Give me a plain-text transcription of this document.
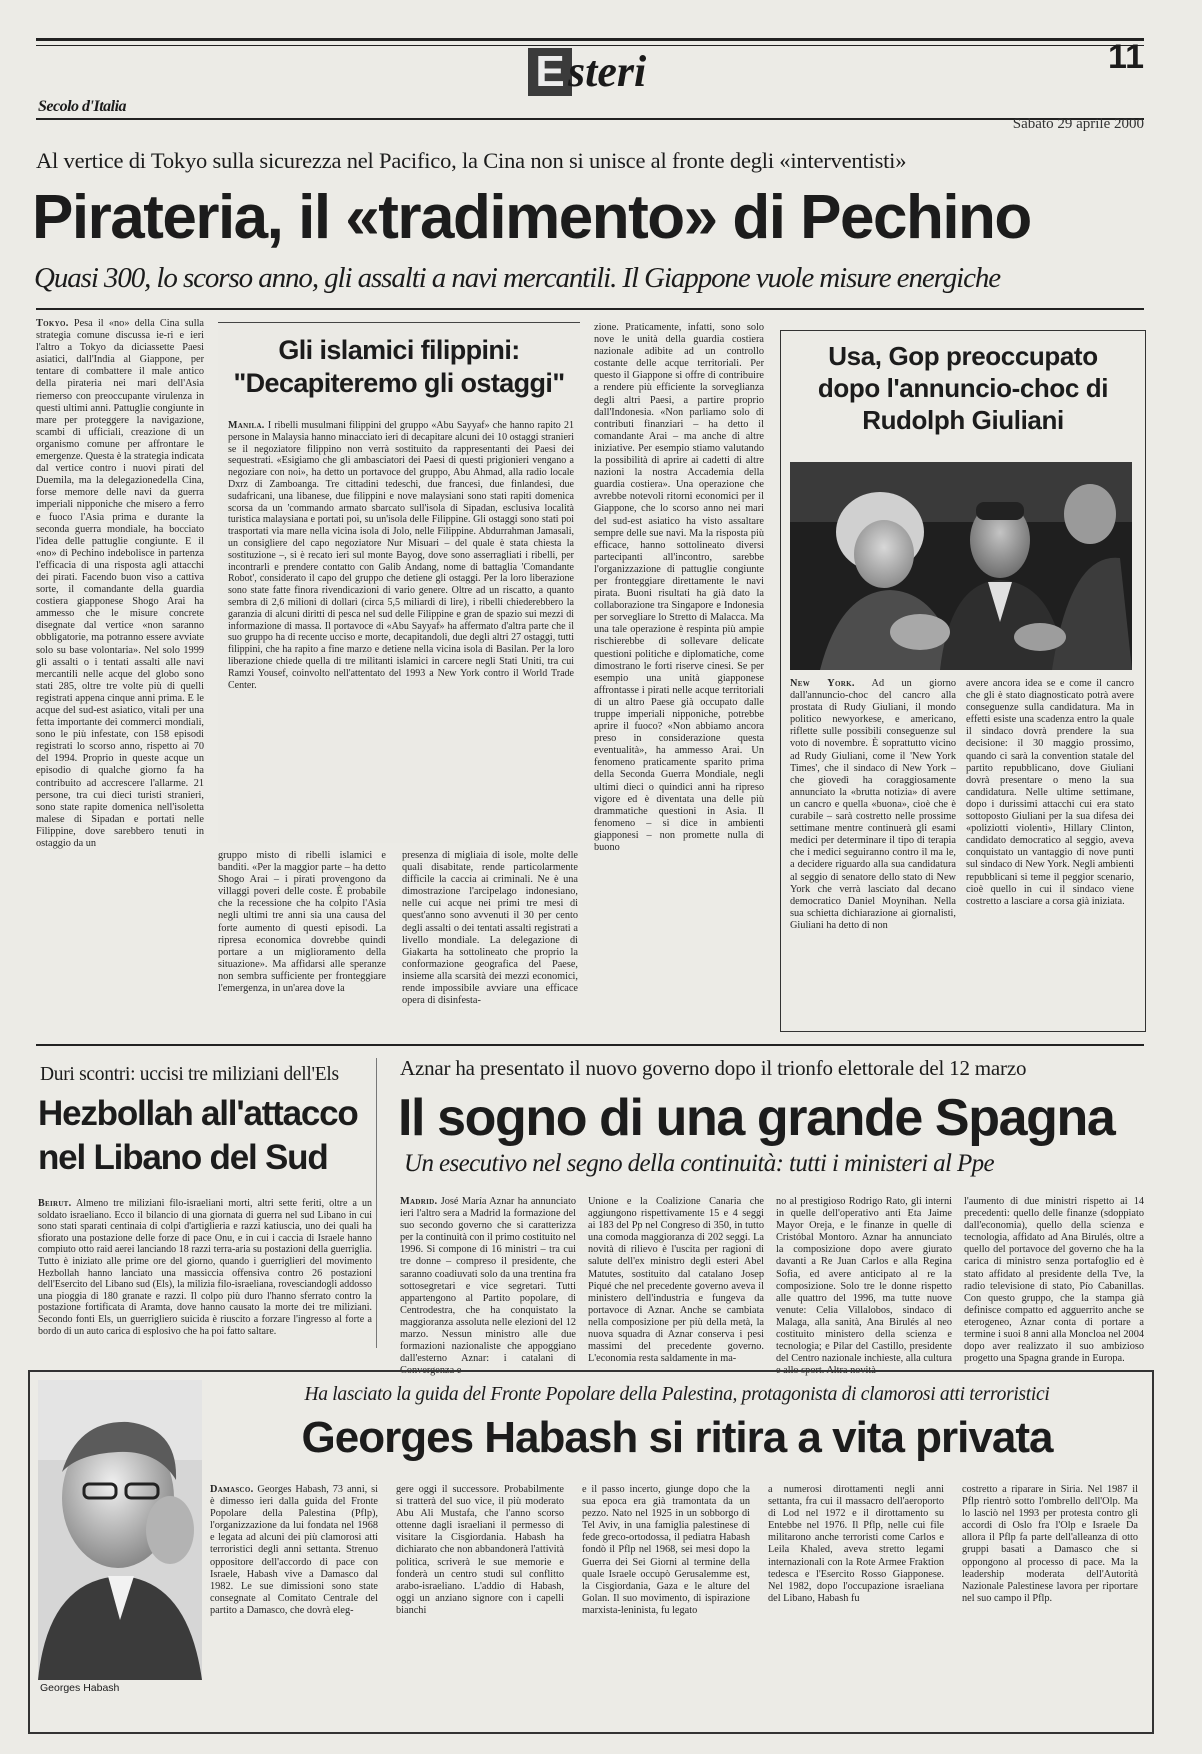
E steri	11
Secolo d'Italia
Sabato 29 aprile 2000
Al vertice di Tokyo sulla sicurezza nel Pacifico, la Cina non si unisce al fronte degli «interventisti»
Pirateria, il «tradimento» di Pechino
Quasi 300, lo scorso anno, gli assalti a navi mercantili. Il Giappone vuole misure energiche

Tokyo. Pesa il «no» della Cina sulla strategia comune discussa ie-ri e ieri l'altro a Tokyo da diciassette Paesi asiatici, dall'India al Giappone, per tentare di combattere il male antico della pirateria nei mari dell'Asia riemerso con preoccupante virulenza in questi ultimi anni. Pattuglie congiunte in mare per proteggere la navigazione, scambi di ufficiali, creazione di un organismo comune per affrontare le emergenze. Questa è la strategia indicata dal vertice contro i nuovi pirati del Duemila, ma la delegazionedella Cina, forse memore delle navi da guerra imperiali nipponiche che misero a ferro e fuoco l'Asia prima e durante la seconda guerra mondiale, ha bocciato l'idea delle pattuglie congiunte. E il «no» di Pechino indebolisce in partenza l'efficacia di una risposta agli attacchi dei pirati. Facendo buon viso a cattiva sorte, il comandante della guardia costiera giapponese Shogo Arai ha ammesso che le misure concrete disegnate dal vertice «non saranno obbligatorie, ma potranno essere avviate solo su base volontaria». Nel solo 1999 gli assalti o i tentati assalti alle navi mercantili nelle acque del globo sono stati 285, oltre tre volte più di quelli registrati appena cinque anni prima. E le acque del sud-est asiatico, vitali per una fetta importante dei commerci mondiali, sono le più infestate, con 158 episodi registrati lo scorso anno, rispetto ai 70 del 1994. Proprio in queste acque un episodio di qualche giorno fa ha contribuito ad accrescere l'allarme. 21 persone, tra cui dieci turisti stranieri, sono state rapite domenica nell'isoletta malese di Sipadan e portati nelle Filippine, dove sarebbero tenuti in ostaggio da un

Gli islamici filippini: "Decapiteremo gli ostaggi"

Manila. I ribelli musulmani filippini del gruppo «Abu Sayyaf» che hanno rapito 21 persone in Malaysia hanno minacciato ieri di decapitare alcuni dei 10 ostaggi stranieri se il negoziatore filippino non verrà sostituito da rappresentanti dei Paesi dei sequestrati. «Esigiamo che gli ambasciatori dei Paesi di questi prigionieri vengano a negoziare con noi», ha detto un portavoce del gruppo, Abu Ahmad, alla radio locale Dxrz di Zamboanga. Tre cittadini tedeschi, due francesi, due finlandesi, due sudafricani, una libanese, due filippini e nove malaysiani sono stati rapiti domenica scorsa da un 'commando armato sbarcato sull'isola di Sipadan, esclusiva località turistica malaysiana e portati poi, su un'isola delle Filippine. Gli ostaggi sono stati poi trasportati via mare nella vicina isola di Jolo, nelle Filippine. Abdurrahman Jamasali, un consigliere del capo negoziatore Nur Misuari – del quale è stata chiesta la sostituzione –, si è recato ieri sul monte Bayog, dove sono asserragliati i ribelli, per incontrarli e prendere contatto con Galib Andang, nome di battaglia 'Comandante Robot', considerato il capo del gruppo che detiene gli ostaggi. Per la loro liberazione sono state fatte finora rivendicazioni di vario genere. Oltre ad un riscatto, a quanto sembra di 2,6 milioni di dollari (circa 5,5 miliardi di lire), i ribelli chiederebbero la garanzia di alcuni diritti di pesca nel sud delle Filippine e gran de spazio sui mezzi di informazione di massa. Il portavoce di «Abu Sayyaf» ha affermato d'altra parte che il suo gruppo ha di recente ucciso e morte, decapitandoli, due degli altri 27 ostaggi, tutti filippini, che ha rapito a fine marzo e detiene nella vicina isola di Basilan. Per la loro liberazione chiede quella di tre militanti islamici in carcere negli Stati Uniti, tra cui Ramzi Yousef, coinvolto nell'attentato del 1993 a New York contro il World Trade Center.

gruppo misto di ribelli islamici e banditi. «Per la maggior parte – ha detto Shogo Arai – i pirati provengono da villaggi poveri delle coste. È probabile che la recessione che ha colpito l'Asia negli ultimi tre anni sia una causa del forte aumento di questi episodi. La ripresa economica dovrebbe quindi portare a un miglioramento della situazione». Ma affidarsi alle speranze non sembra sufficiente per fronteggiare l'emergenza, in un'area dove la

presenza di migliaia di isole, molte delle quali disabitate, rende particolarmente difficile la caccia ai criminali. Ne è una dimostrazione l'arcipelago indonesiano, nelle cui acque nei primi tre mesi di quest'anno sono avvenuti il 30 per cento degli assalti o dei tentati assalti registrati a livello mondiale. La delegazione di Giakarta ha sottolineato che proprio la conformazione geografica del Paese, insieme alla scarsità dei mezzi economici, rende impossibile avviare una efficace opera di disinfesta-

zione. Praticamente, infatti, sono solo nove le unità della guardia costiera nazionale adibite ad un controllo costante delle acque territoriali. Per questo il Giappone si offre di contribuire a rendere più efficiente la sorveglianza degli altri Paesi, a partire proprio dall'Indonesia. «Non parliamo solo di contributi finanziari – ha detto il comandante Arai – ma anche di altre iniziative. Per esempio stiamo valutando la possibilità di aprire ai cadetti di altre nazioni la nostra Accademia della guardia costiera». Una operazione che avrebbe notevoli ritorni economici per il Giappone, che lo scorso anno nei mari del sud-est asiatico ha visto assaltare sempre delle sue navi. Ma la risposta più efficace, hanno sottolineato diversi partecipanti all'incontro, sarebbe l'organizzazione di pattuglie congiunte per fronteggiare direttamente le navi pirata. Buoni risultati ha già dato la collaborazione tra Singapore e Indonesia per sorvegliare lo Stretto di Malacca. Ma una tale operazione è respinta più ampie rischierebbe di sollevare delicate questioni politiche e diplomatiche, come dimostrano le forti riserve cinesi. Se per esempio una unità giapponese affrontasse i pirati nelle acque territoriali di un altro Paese già occupato dalle truppe imperiali nipponiche, potrebbe aprire il fuoco? «Non abbiamo ancora preso in considerazione questa eventualità», ha ammesso Arai. Un fenomeno praticamente sparito prima della Seconda Guerra Mondiale, negli ultimi dieci o quindici anni ha ripreso vigore ed è diventata una delle più drammatiche questioni in Asia. Il fenomeno – si dice in ambienti giapponesi – non promette nulla di buono

Usa, Gop preoccupato dopo l'annuncio-choc di Rudolph Giuliani

New York. Ad un giorno dall'annuncio-choc del cancro alla prostata di Rudy Giuliani, il mondo politico newyorkese, e americano, riflette sulle possibili conseguenze sul voto di novembre. È soprattutto vicino ad Rudy Giuliani, come il 'New York Times', che il sindaco di New York – che giovedì ha coraggiosamente annunciato la «brutta notizia» di avere un cancro e quella «buona», cioè che è curabile – sarà costretto nelle prossime settimane mentre continuerà gli esami medici per determinare il tipo di terapia che i medici seguiranno contro il ma le, a decidere riguardo alla sua candidatura al seggio di senatore dello stato di New York che verrà lasciato dal decano democratico Daniel Moynihan. Nella sua schietta dichiarazione ai giornalisti, Giuliani ha detto di non

avere ancora idea se e come il cancro che gli è stato diagnosticato potrà avere conseguenze sulla candidatura. Ma in effetti esiste una scadenza entro la quale il sindaco dovrà prendere la sua decisione: il 30 maggio prossimo, quando ci sarà la convention statale del partito repubblicano, dove Giuliani dovrà presentare o meno la sua candidatura. Nelle ultime settimane, dopo i durissimi attacchi cui era stato sottoposto Giuliani per la sua difesa dei «poliziotti violenti», Hillary Clinton, candidato democratico al seggio, aveva conquistato un vantaggio di nove punti sul sindaco di New York. Negli ambienti repubblicani si teme il peggior scenario, cioè quello in cui il sindaco viene costretto a lasciare a corsa già iniziata.

Duri scontri: uccisi tre miliziani dell'Els
Hezbollah all'attacco
nel Libano del Sud

Beirut. Almeno tre miliziani filo-israeliani morti, altri sette feriti, oltre a un soldato israeliano. Ecco il bilancio di una giornata di guerra nel sud Libano in cui sono stati sparati centinaia di colpi d'artiglieria e razzi katiuscia, uno dei quali ha sfiorato una postazione delle forze di pace Onu, e in cui i caccia di Israele hanno compiuto otto raid aerei lanciando 18 razzi terra-aria su postazioni della guerriglia. Tutto è iniziato alle prime ore del giorno, quando i guerriglieri del movimento Hezbollah hanno lanciato una massiccia offensiva contro 26 postazioni dell'Esercito del Libano sud (Els), la milizia filo-israeliana, rovesciandogli addosso una pioggia di 180 granate e razzi. Il colpo più duro l'hanno sferrato contro la postazione fortificata di Aramta, dove hanno causato la morte dei tre miliziani. Secondo fonti Els, un guerrigliero suicida è riuscito a forzare l'ingresso al forte a bordo di un auto carica di esplosivo che ha poi fatto saltare.

Aznar ha presentato il nuovo governo dopo il trionfo elettorale del 12 marzo
Il sogno di una grande Spagna
Un esecutivo nel segno della continuità: tutti i ministeri al Ppe

Madrid. José María Aznar ha annunciato ieri l'altro sera a Madrid la formazione del suo secondo governo che si caratterizza per la continuità con il primo costituito nel 1996. Si compone di 16 ministri – tra cui tre donne – compreso il presidente, che saranno coadiuvati solo da una trentina fra sottosegretari e vice segretari. Tutti appartengono al Partito popolare, di Centrodestra, che ha conquistato la maggioranza assoluta nelle elezioni del 12 marzo. Nessun ministro alle due formazioni nazionaliste che appoggiano dall'esterno Aznar: i catalani di Convergenza e

Unione e la Coalizione Canaria che aggiungono rispettivamente 15 e 4 seggi ai 183 del Pp nel Congreso di 350, in tutto una comoda maggioranza di 202 seggi. La novità di rilievo è l'uscita per ragioni di salute dell'ex ministro degli esteri Abel Matutes, sostituito dal catalano Josep Piqué che nel precedente governo aveva il ministero dell'industria e fungeva da portavoce di Aznar. Anche se cambiata nella composizione per più della metà, la nuova squadra di Aznar conserva i pesi massimi del precedente governo. L'economia resta saldamente in ma-

no al prestigioso Rodrigo Rato, gli interni in quelle dell'operativo anti Eta Jaime Mayor Oreja, e le finanze in quelle di Cristóbal Montoro. Aznar ha annunciato la composizione dopo avere giurato davanti a Re Juan Carlos e alla Regina Sofia, ed avere anticipato al re la composizione. Solo tre le donne rispetto alle quattro del 1996, ma tutte nuove venute: Celia Villalobos, sindaco di Malaga, alla sanità, Ana Birulés al neo costituito ministero della scienza e tecnologia; e Pilar del Castillo, presidente del Centro nazionale inchieste, alla cultura e allo sport. Altra novità

l'aumento di due ministri rispetto ai 14 precedenti: quello delle finanze (sdoppiato dall'economia), quello della scienza e tecnologia, affidato ad Ana Birulés, oltre a quello del portavoce del governo che ha la carica di ministro senza portafoglio ed è stato affidato al presidente della Tve, la radio televisione di stato, Pío Cabanillas. Con questo gruppo, che la stampa già definisce compatto ed agguerrito anche se eterogeneo, Aznar conta di portare a termine i suoi 8 anni alla Moncloa nel 2004 dopo aver realizzato il suo ambizioso progetto una Spagna grande in Europa.

Georges Habash
Ha lasciato la guida del Fronte Popolare della Palestina, protagonista di clamorosi atti terroristici
Georges Habash si ritira a vita privata

Damasco. Georges Habash, 73 anni, si è dimesso ieri dalla guida del Fronte Popolare della Palestina (Pflp), l'organizzazione da lui fondata nel 1968 e legata ad alcuni dei più clamorosi atti terroristici degli anni settanta. Strenuo oppositore dell'accordo di pace con Israele, Habash vive a Damasco dal 1982. Le sue dimissioni sono state consegnate al Comitato Centrale del partito a Damasco, che dovrà eleg-

gere oggi il successore. Probabilmente si tratterà del suo vice, il più moderato Abu Ali Mustafa, che l'anno scorso ottenne dagli israeliani il permesso di visitare la Cisgiordania. Habash ha dichiarato che non abbandonerà l'attività politica, scriverà le sue memorie e fonderà un centro studi sul conflitto arabo-israeliano. L'addio di Habash, oggi un anziano signore con i capelli bianchi

e il passo incerto, giunge dopo che la sua epoca era già tramontata da un pezzo. Nato nel 1925 in un sobborgo di Tel Aviv, in una famiglia palestinese di fede greco-ortodossa, il pediatra Habash fondò il Pflp nel 1968, sei mesi dopo la Guerra dei Sei Giorni al termine della quale Israele occupò Gerusalemme est, la Cisgiordania, Gaza e le alture del Golan. Il suo movimento, di ispirazione marxista-leninista, fu legato

a numerosi dirottamenti negli anni settanta, fra cui il massacro dell'aeroporto di Lod nel 1972 e il dirottamento su Entebbe nel 1976. Il Pflp, nelle cui file militarono anche terroristi come Carlos e Leila Khaled, aveva stretto legami internazionali con la Rote Armee Fraktion tedesca e l'Esercito Rosso Giapponese. Nel 1982, dopo l'occupazione israeliana del Libano, Habash fu

costretto a riparare in Siria. Nel 1987 il Pflp rientrò sotto l'ombrello dell'Olp. Ma lo lasciò nel 1993 per protesta contro gli accordi di Oslo fra l'Olp e Israele Da allora il Pflp fa parte dell'alleanza di otto gruppi basati a Damasco che si oppongono al processo di pace. Ma la leadership moderata dell'Autorità Nazionale Palestinese lavora per riportare nel suo campo il Pflp.
